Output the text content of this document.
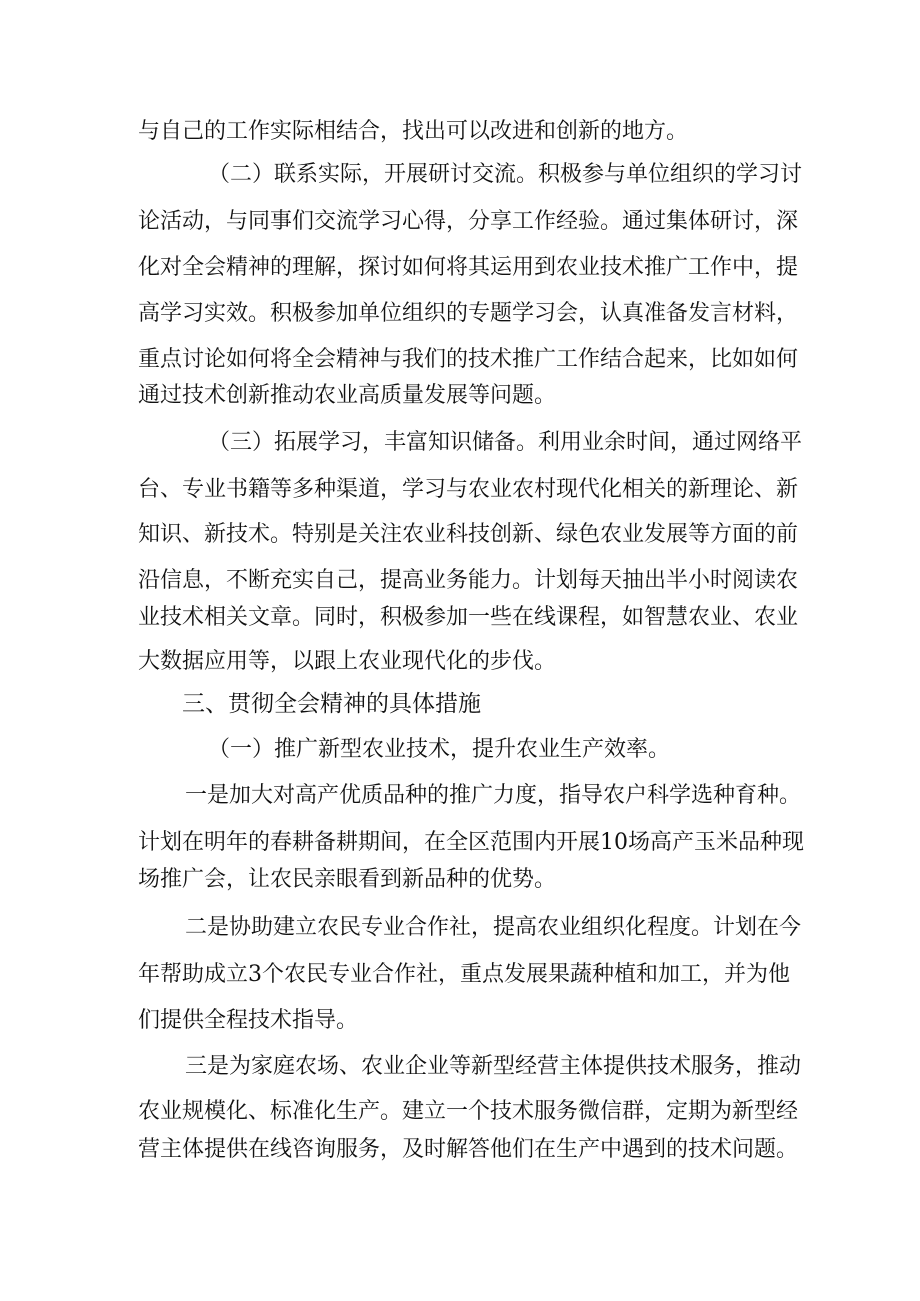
与自己的工作实际相结合，找出可以改进和创新的地方。
（二）联系实际，开展研讨交流。积极参与单位组织的学习讨
论活动，与同事们交流学习心得，分享工作经验。通过集体研讨，深
化对全会精神的理解，探讨如何将其运用到农业技术推广工作中，提
高学习实效。积极参加单位组织的专题学习会，认真准备发言材料，
重点讨论如何将全会精神与我们的技术推广工作结合起来，比如如何
通过技术创新推动农业高质量发展等问题。
（三）拓展学习，丰富知识储备。利用业余时间，通过网络平
台、专业书籍等多种渠道，学习与农业农村现代化相关的新理论、新
知识、新技术。特别是关注农业科技创新、绿色农业发展等方面的前
沿信息，不断充实自己，提高业务能力。计划每天抽出半小时阅读农
业技术相关文章。同时，积极参加一些在线课程，如智慧农业、农业
大数据应用等，以跟上农业现代化的步伐。
三、贯彻全会精神的具体措施
（一）推广新型农业技术，提升农业生产效率。
一是加大对高产优质品种的推广力度，指导农户科学选种育种。
计划在明年的春耕备耕期间，在全区范围内开展10场高产玉米品种现
场推广会，让农民亲眼看到新品种的优势。
二是协助建立农民专业合作社，提高农业组织化程度。计划在今
年帮助成立3个农民专业合作社，重点发展果蔬种植和加工，并为他
们提供全程技术指导。
三是为家庭农场、农业企业等新型经营主体提供技术服务，推动
农业规模化、标准化生产。建立一个技术服务微信群，定期为新型经
营主体提供在线咨询服务，及时解答他们在生产中遇到的技术问题。
